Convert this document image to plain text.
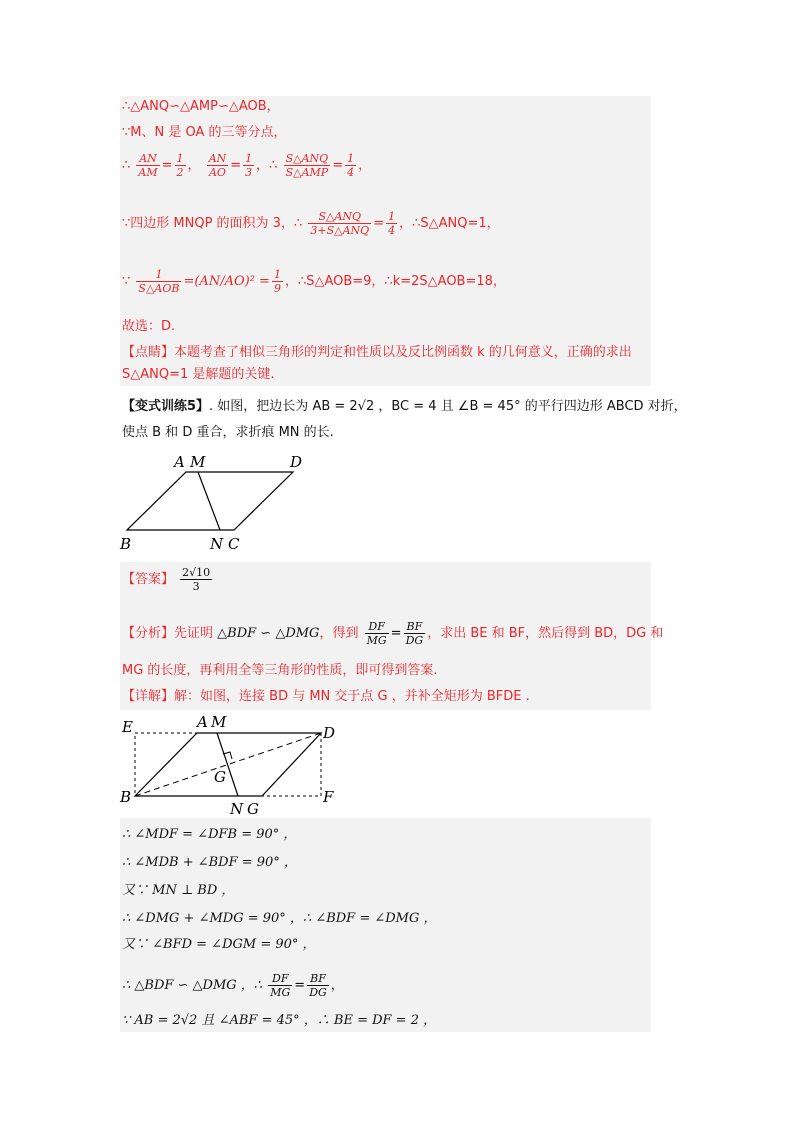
∴△ANQ∽△AMP∽△AOB，
∵M、N 是 OA 的三等分点，
∴ $\frac{AN}{AM} = \frac{1}{2}$ ， $\frac{AN}{AO} = \frac{1}{3}$ ，∴ $\frac{\text{S△ANQ}}{\text{S△AMP}} = \frac{1}{4}$ ，
∵四边形 MNQP 的面积为 3，∴ $\frac{\text{S△ANQ}}{\text{3+S△ANQ}} = \frac{1}{4}$ ，∴S△ANQ=1，
∵ $\frac{1}{\text{S△AOB}} =(AN/AO)^2 = \frac{1}{9}$ ，∴S△AOB=9，∴k=2S△AOB=18，
故选：D.
【点睛】本题考查了相似三角形的判定和性质以及反比例函数 k 的几何意义，正确的求出
S△ANQ=1 是解题的关键.
【变式训练5】. 如图，把边长为 AB = 2√2 ，BC = 4 且 ∠B = 45° 的平行四边形 ABCD 对折，
使点 B 和 D 重合，求折痕 MN 的长.
A M	D
B	N C
【答案】 $\frac{2√10}{3}$
【分析】先证明 △BDF ∽ △DMG，得到 $\frac{DF}{MG} = \frac{BF}{DG}$ ，求出 BE 和 BF，然后得到 BD，DG 和
MG 的长度，再利用全等三角形的性质，即可得到答案.
【详解】解：如图，连接 BD 与 MN 交于点 G ，并补全矩形为 BFDE .
E	A M
D
G
B
N G
F
∴ ∠MDF = ∠DFB = 90° ，
∴ ∠MDB + ∠BDF = 90° ，
又∵ MN ⊥ BD ，
∴ ∠DMG + ∠MDG = 90° ，∴ ∠BDF = ∠DMG ，
又∵ ∠BFD = ∠DGM = 90° ，
∴ △BDF ∽ △DMG ，∴ $\frac{DF}{MG} = \frac{BF}{DG}$ ，
∵ AB = 2√2 且 ∠ABF = 45° ，∴ BE = DF = 2 ，
